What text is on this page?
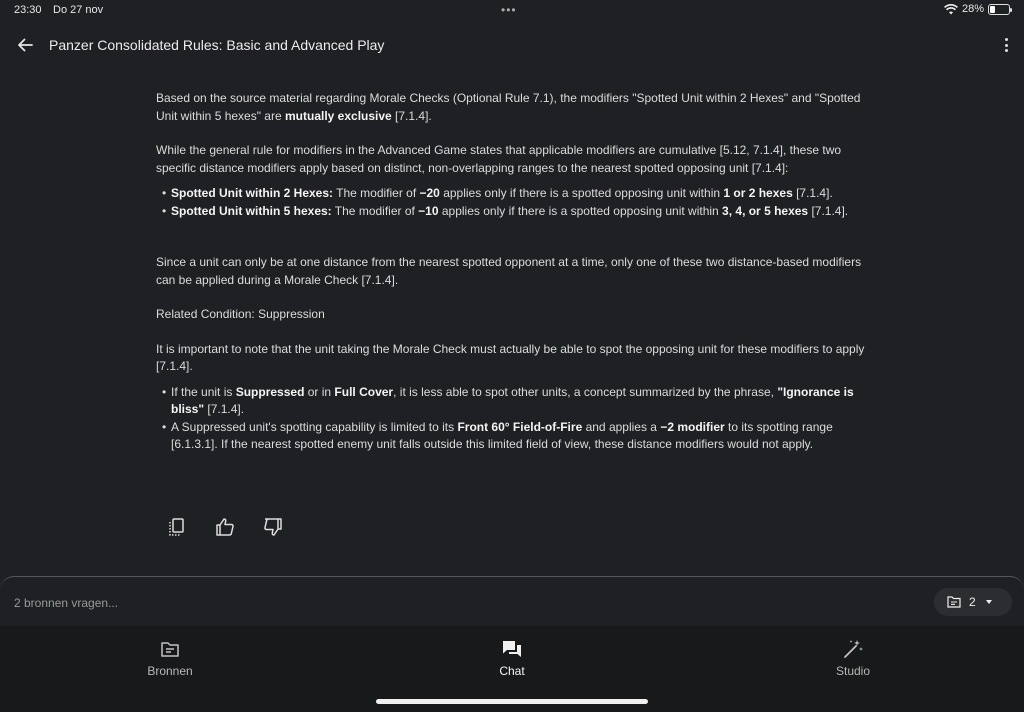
23:30 Do 27 nov	•••	28%
Panzer Consolidated Rules: Basic and Advanced Play

Based on the source material regarding Morale Checks (Optional Rule 7.1), the modifiers "Spotted Unit within 2 Hexes" and "Spotted Unit within 5 hexes" are mutually exclusive [7.1.4].

While the general rule for modifiers in the Advanced Game states that applicable modifiers are cumulative [5.12, 7.1.4], these two specific distance modifiers apply based on distinct, non-overlapping ranges to the nearest spotted opposing unit [7.1.4]:

• Spotted Unit within 2 Hexes: The modifier of −20 applies only if there is a spotted opposing unit within 1 or 2 hexes [7.1.4].
• Spotted Unit within 5 hexes: The modifier of −10 applies only if there is a spotted opposing unit within 3, 4, or 5 hexes [7.1.4].

Since a unit can only be at one distance from the nearest spotted opponent at a time, only one of these two distance-based modifiers can be applied during a Morale Check [7.1.4].

Related Condition: Suppression

It is important to note that the unit taking the Morale Check must actually be able to spot the opposing unit for these modifiers to apply [7.1.4].

• If the unit is Suppressed or in Full Cover, it is less able to spot other units, a concept summarized by the phrase, "Ignorance is bliss" [7.1.4].
• A Suppressed unit's spotting capability is limited to its Front 60° Field-of-Fire and applies a −2 modifier to its spotting range [6.1.3.1]. If the nearest spotted enemy unit falls outside this limited field of view, these distance modifiers would not apply.
2 bronnen vragen...	2
Bronnen	Chat	Studio
